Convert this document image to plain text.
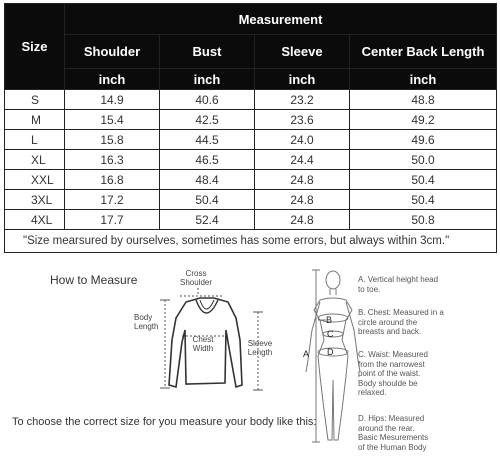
Size	Measurement			
	Shoulder	Bust	Sleeve	Center Back Length
	inch	inch	inch	inch
S	14.9	40.6	23.2	48.8
M	15.4	42.5	23.6	49.2
L	15.8	44.5	24.0	49.6
XL	16.3	46.5	24.4	50.0
XXL	16.8	48.4	24.8	50.4
3XL	17.2	50.4	24.8	50.4
4XL	17.7	52.4	24.8	50.8
"Size mearsured by ourselves, sometimes has some errors, but always within 3cm."				
How to Measure	Cross
Shoulder
Body
Length
Chest
Width
Sleeve
Length
To choose the correct size for you measure your body like this:
B
C
D
A
A. Vertical height head
to toe.
B. Chest: Measured in a
circle around the
breasts and back.
C. Waist: Measured
from the narrowest
point of the waist.
Body shoulde be
relaxed.
D. Hips: Measured
around the rear.
Basic Mesurements
of the Human Body
